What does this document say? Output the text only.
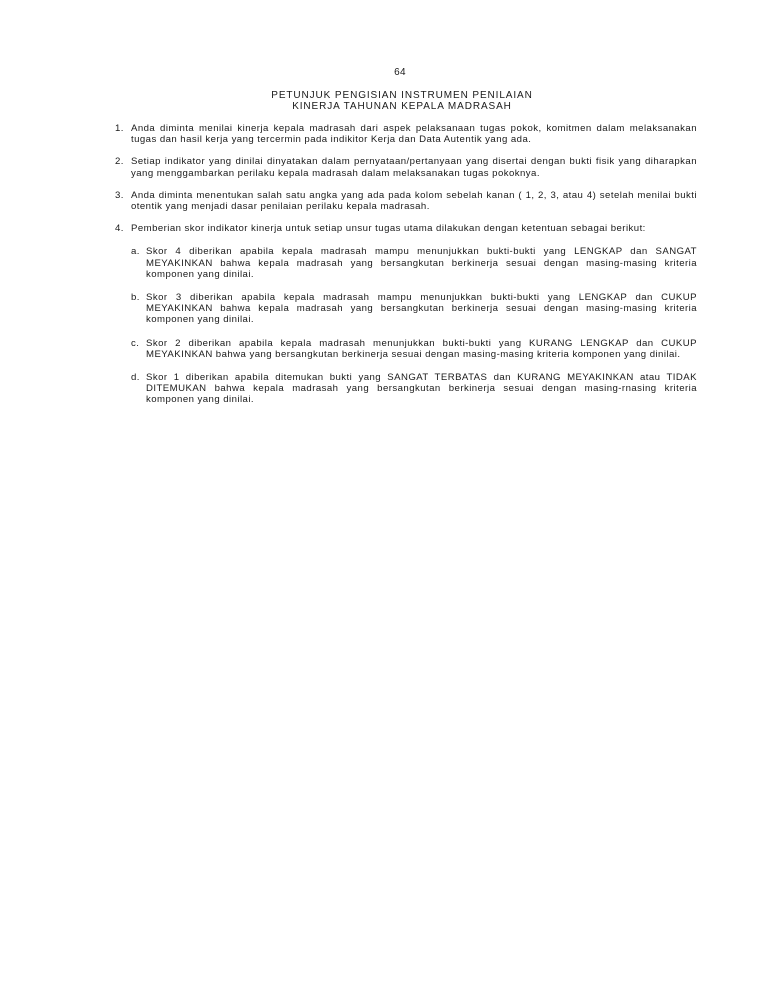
64
PETUNJUK PENGISIAN INSTRUMEN PENILAIAN
KINERJA TAHUNAN KEPALA MADRASAH
1. Anda diminta menilai kinerja kepala madrasah dari aspek pelaksanaan tugas pokok, komitmen dalam melaksanakan tugas dan hasil kerja yang tercermin pada indikitor Kerja dan Data Autentik yang ada.
2. Setiap indikator yang dinilai dinyatakan dalam pernyataan/pertanyaan yang disertai dengan bukti fisik yang diharapkan yang menggambarkan perilaku kepala madrasah dalam melaksanakan tugas pokoknya.
3. Anda diminta menentukan salah satu angka yang ada pada kolom sebelah kanan ( 1, 2, 3, atau 4) setelah menilai bukti otentik yang menjadi dasar penilaian perilaku kepala madrasah.
4. Pemberian skor indikator kinerja untuk setiap unsur tugas utama dilakukan dengan ketentuan sebagai berikut:
a. Skor 4 diberikan apabila kepala madrasah mampu menunjukkan bukti-bukti yang LENGKAP dan SANGAT MEYAKINKAN bahwa kepala madrasah yang bersangkutan berkinerja sesuai dengan masing-masing kriteria komponen yang dinilai.
b. Skor 3 diberikan apabila kepala madrasah mampu menunjukkan bukti-bukti yang LENGKAP dan CUKUP MEYAKINKAN bahwa kepala madrasah yang bersangkutan berkinerja sesuai dengan masing-masing kriteria komponen yang dinilai.
c. Skor 2 diberikan apabila kepala madrasah menunjukkan bukti-bukti yang KURANG LENGKAP dan CUKUP MEYAKINKAN bahwa yang bersangkutan berkinerja sesuai dengan masing-masing kriteria komponen yang dinilai.
d. Skor 1 diberikan apabila ditemukan bukti yang SANGAT TERBATAS dan KURANG MEYAKINKAN atau TIDAK DITEMUKAN bahwa kepala madrasah yang bersangkutan berkinerja sesuai dengan masing-rnasing kriteria komponen yang dinilai.
